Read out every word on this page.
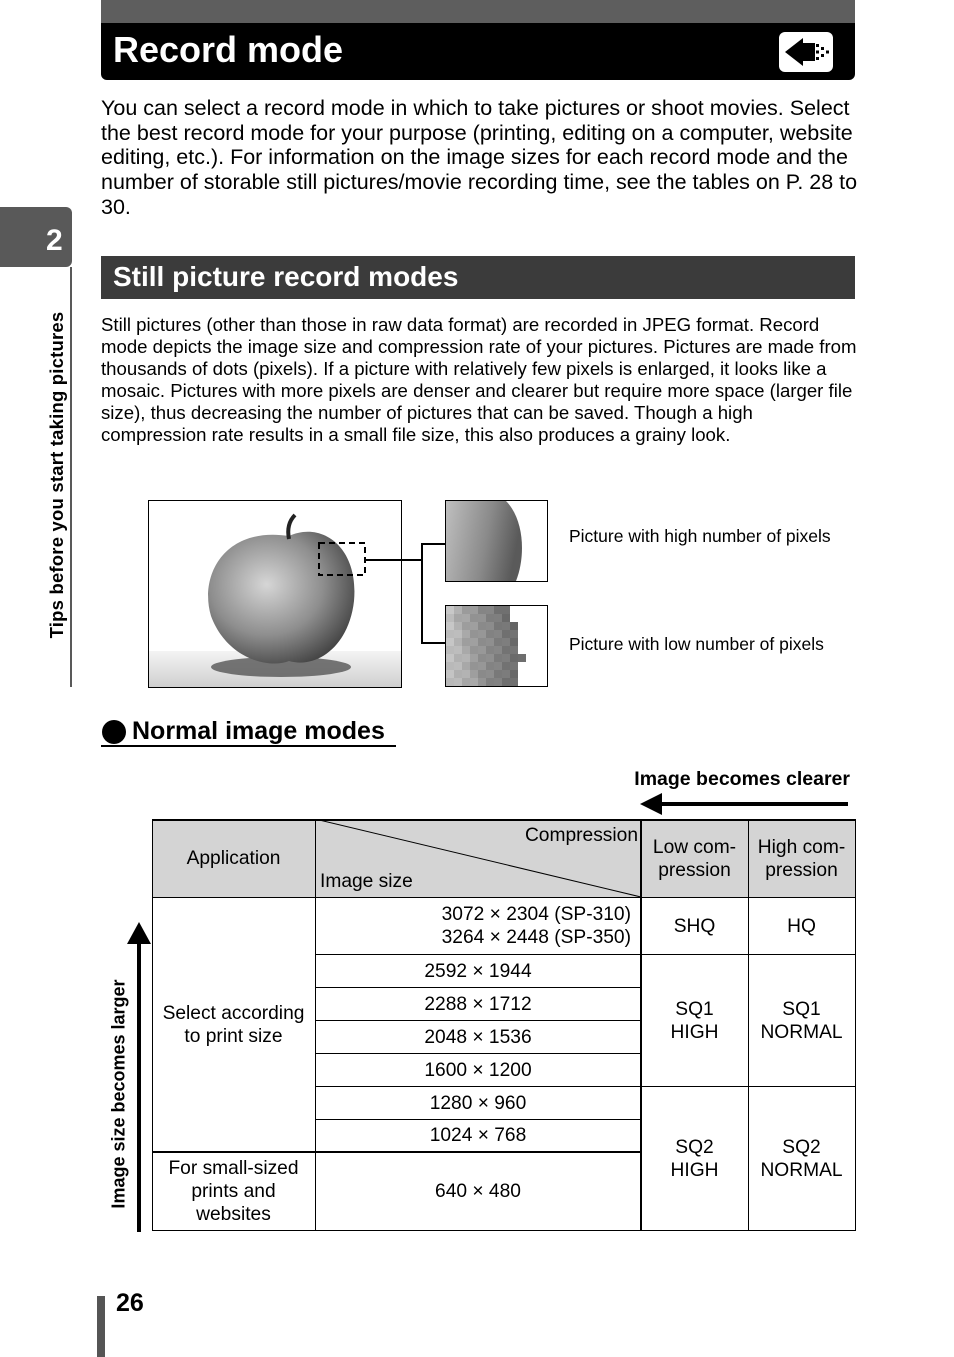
Record mode
You can select a record mode in which to take pictures or shoot movies. Select the best record mode for your purpose (printing, editing on a computer, website editing, etc.). For information on the image sizes for each record mode and the number of storable still pictures/movie recording time, see the tables on P. 28 to 30.
2
Tips before you start taking pictures
Still picture record modes
Still pictures (other than those in raw data format) are recorded in JPEG format. Record mode depicts the image size and compression rate of your pictures. Pictures are made from thousands of dots (pixels). If a picture with relatively few pixels is enlarged, it looks like a mosaic. Pictures with more pixels are denser and clearer but require more space (larger file size), thus decreasing the number of pictures that can be saved. Though a high compression rate results in a small file size, this also produces a grainy look.
Picture with high number of pixels
Picture with low number of pixels
Normal image modes
Image becomes clearer
Image size becomes larger
Application
Compression
Image size
Low com-
pression
High com-
pression
Select according
to print size
For small-sized
prints and
websites
3072 × 2304 (SP-310)
3264 × 2448 (SP-350)
2592 × 1944
2288 × 1712
2048 × 1536
1600 × 1200
1280 × 960
1024 × 768
640 × 480
SHQ	HQ
SQ1
HIGH
SQ1
NORMAL
SQ2
HIGH
SQ2
NORMAL
26
